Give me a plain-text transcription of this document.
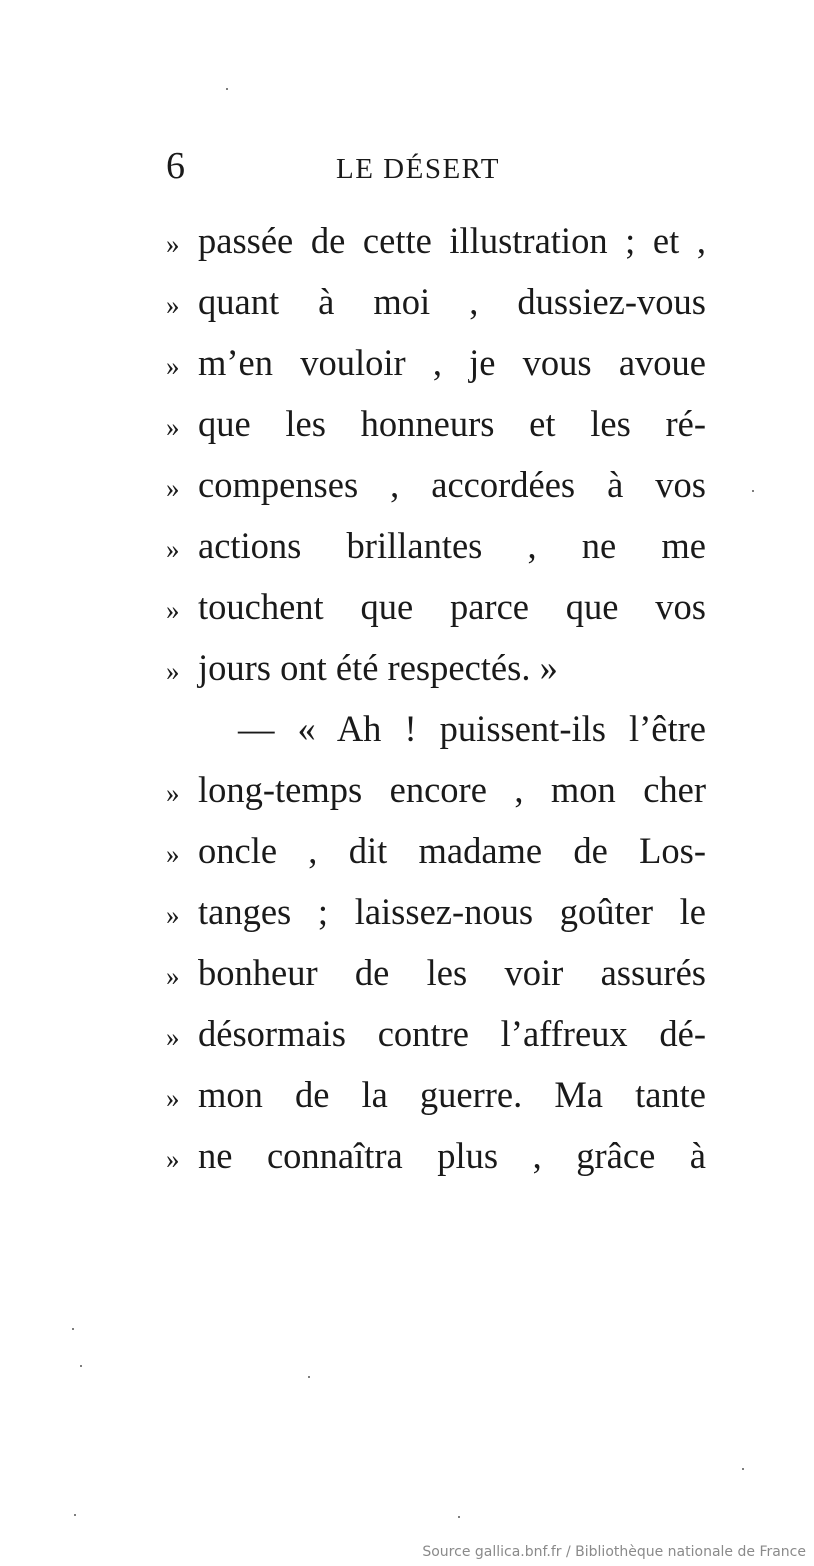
6	LE DÉSERT
» passée de cette illustration ; et ,
» quant à moi , dussiez-vous
» m’en vouloir , je vous avoue
» que les honneurs et les ré-
» compenses , accordées à vos
» actions brillantes , ne me
» touchent que parce que vos
» jours ont été respectés. »
— « Ah ! puissent-ils l’être
» long-temps encore , mon cher
» oncle , dit madame de Los-
» tanges ; laissez-nous goûter le
» bonheur de les voir assurés
» désormais contre l’affreux dé-
» mon de la guerre. Ma tante
» ne connaîtra plus , grâce à
Source gallica.bnf.fr / Bibliothèque nationale de France
